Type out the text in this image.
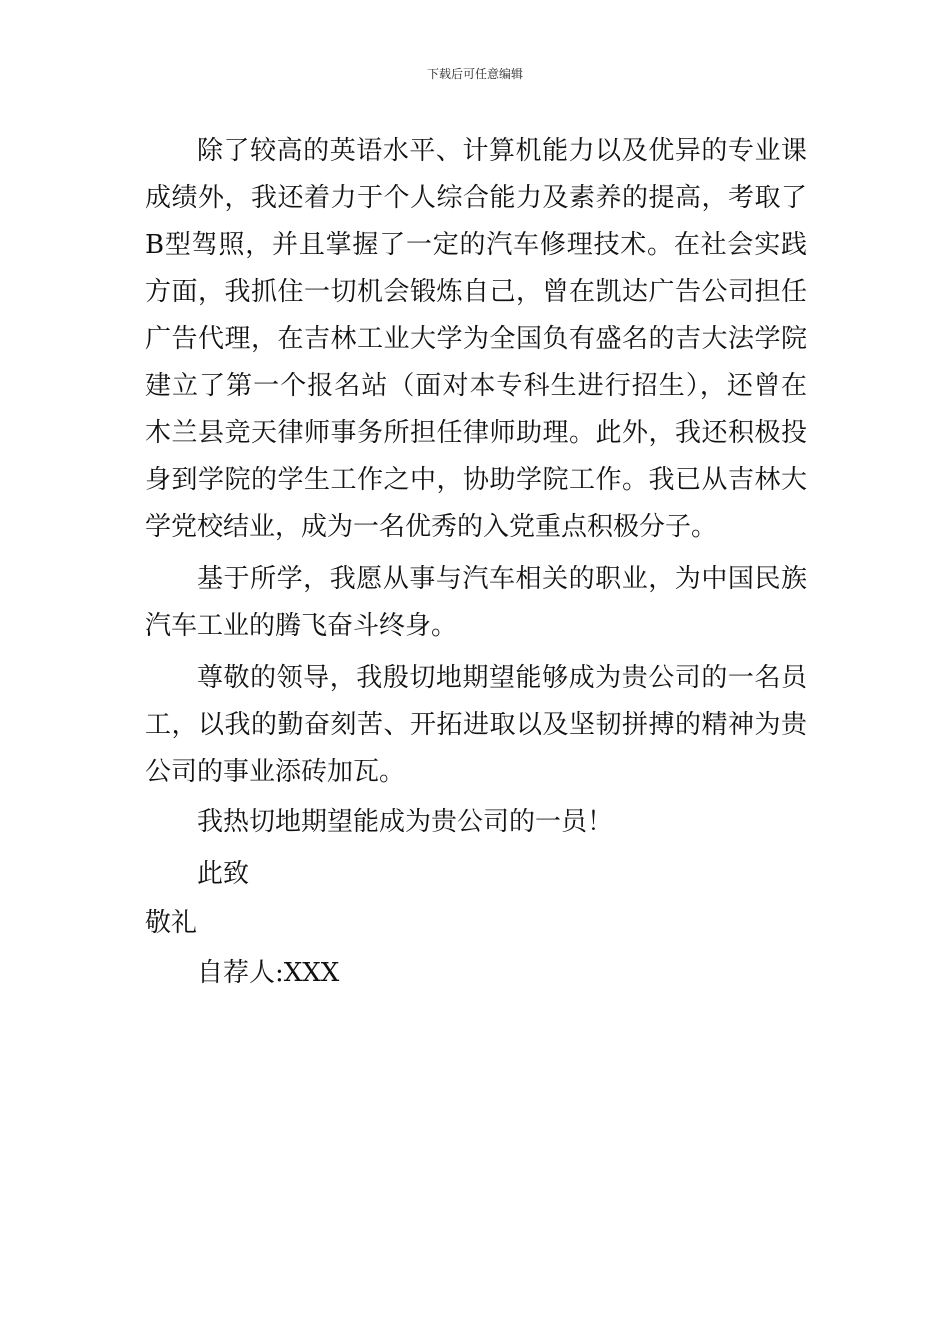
下载后可任意编辑

除了较高的英语水平、计算机能力以及优异的专业课成绩外，我还着力于个人综合能力及素养的提高，考取了B型驾照，并且掌握了一定的汽车修理技术。在社会实践方面，我抓住一切机会锻炼自己，曾在凯达广告公司担任广告代理，在吉林工业大学为全国负有盛名的吉大法学院建立了第一个报名站（面对本专科生进行招生），还曾在木兰县竞天律师事务所担任律师助理。此外，我还积极投身到学院的学生工作之中，协助学院工作。我已从吉林大学党校结业，成为一名优秀的入党重点积极分子。

基于所学，我愿从事与汽车相关的职业，为中国民族汽车工业的腾飞奋斗终身。

尊敬的领导，我殷切地期望能够成为贵公司的一名员工，以我的勤奋刻苦、开拓进取以及坚韧拼搏的精神为贵公司的事业添砖加瓦。

我热切地期望能成为贵公司的一员！

此致

敬礼

自荐人:XXX
